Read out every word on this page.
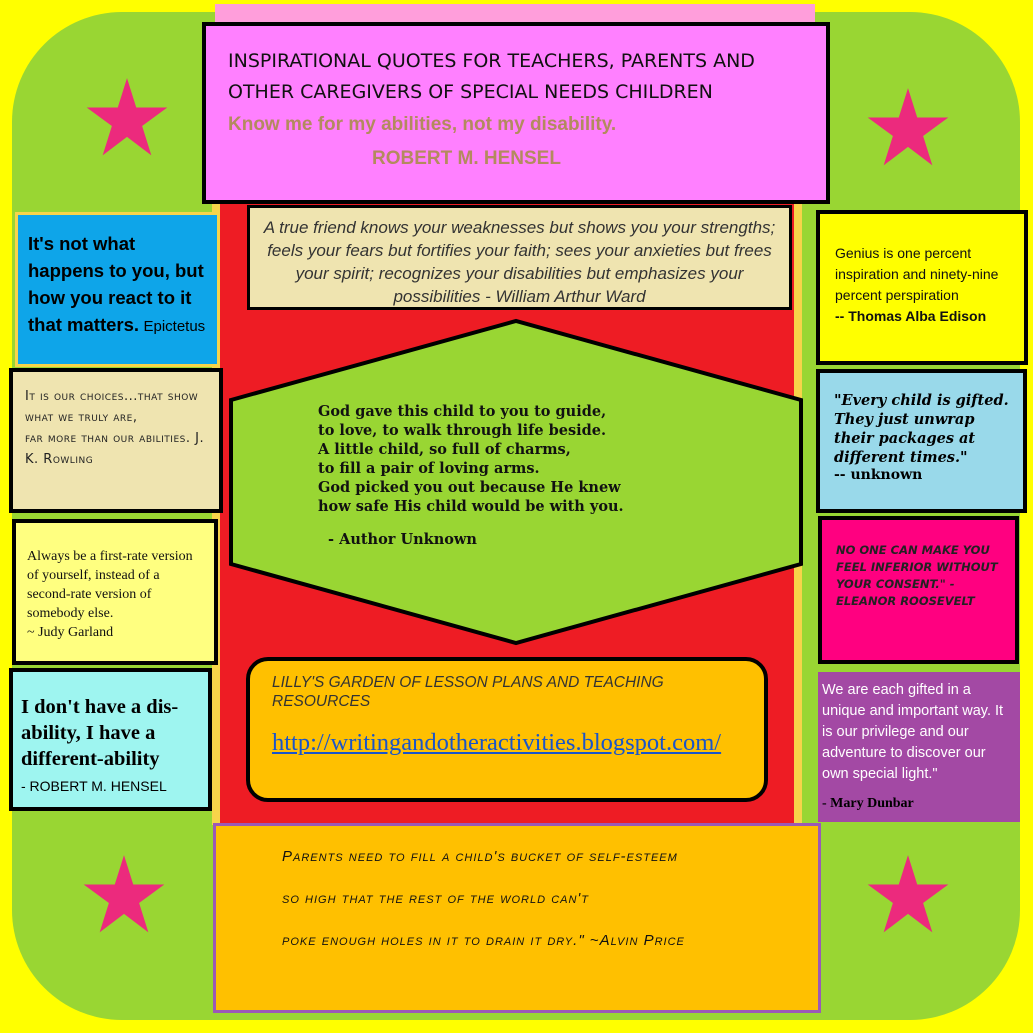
INSPIRATIONAL QUOTES FOR TEACHERS, PARENTS AND
OTHER CAREGIVERS OF SPECIAL NEEDS CHILDREN
Know me for my abilities, not my disability.
ROBERT M. HENSEL
A true friend knows your weaknesses but shows you your strengths; feels your fears but fortifies your faith; sees your anxieties but frees your spirit; recognizes your disabilities but emphasizes your possibilities - William Arthur Ward
God gave this child to you to guide,
to love, to walk through life beside.
A little child, so full of charms,
to fill a pair of loving arms.
God picked you out because He knew
how safe His child would be with you.
- Author Unknown
LILLY'S GARDEN OF LESSON PLANS AND TEACHING RESOURCES
http://writingandotheractivities.blogspot.com/
Parents need to fill a child's bucket of self-esteem
so high that the rest of the world can't
poke enough holes in it to drain it dry." ~Alvin Price
It's not what happens to you, but how you react to it that matters. Epictetus
It is our choices...that show what we truly are,
far more than our abilities. J. K. Rowling
Always be a first-rate version of yourself, instead of a second-rate version of somebody else.
~ Judy Garland
I don't have a dis-ability, I have a different-ability
- ROBERT M. HENSEL
Genius is one percent inspiration and ninety-nine percent perspiration
-- Thomas Alba Edison
"Every child is gifted. They just unwrap their packages at different times."
-- unknown
NO ONE CAN MAKE YOU FEEL INFERIOR WITHOUT YOUR CONSENT." - ELEANOR ROOSEVELT
We are each gifted in a unique and important way. It is our privilege and our adventure to discover our own special light."
- Mary Dunbar
